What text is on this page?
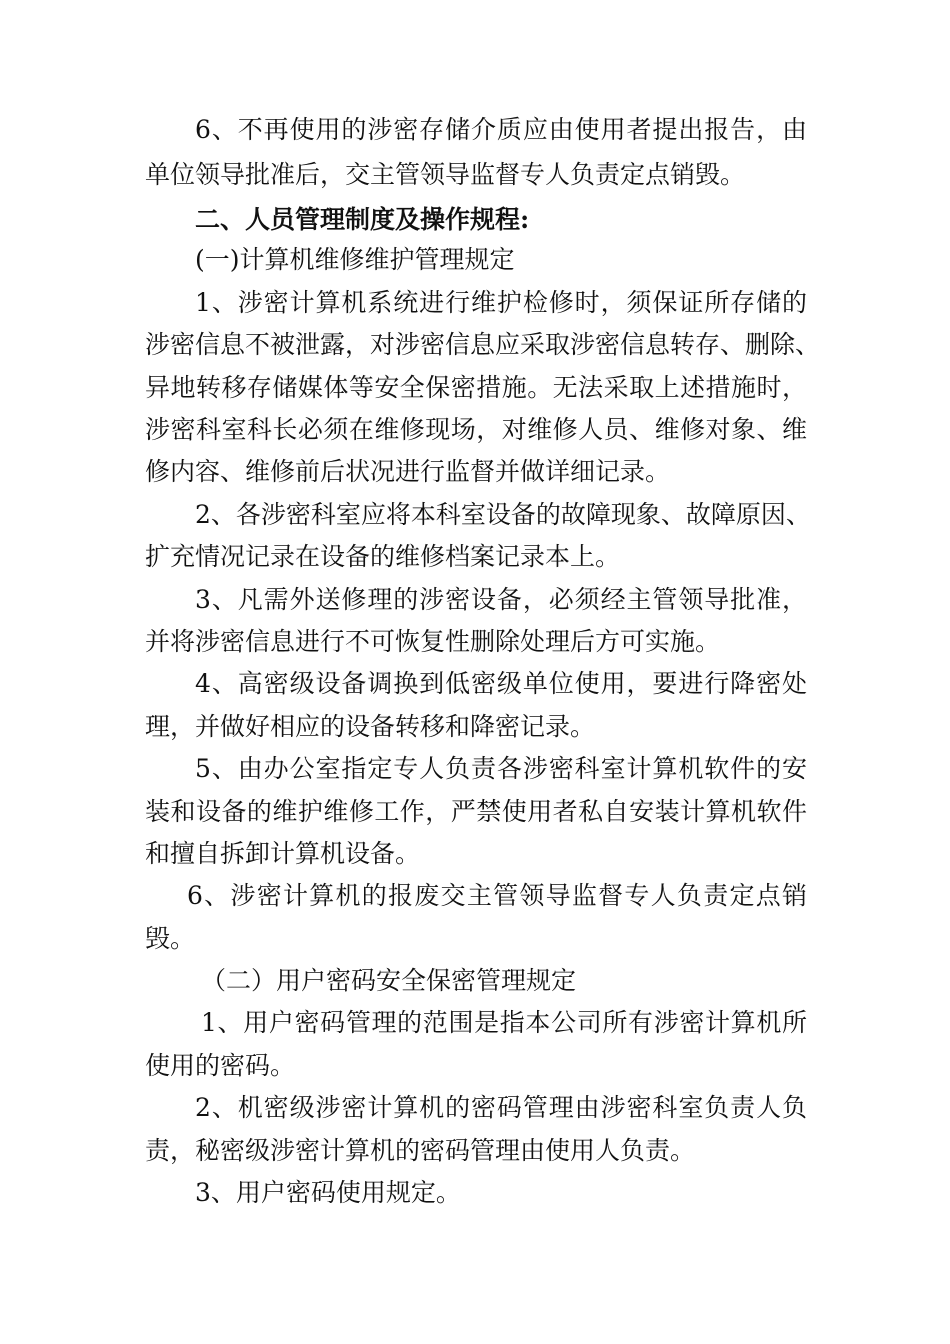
6、不再使用的涉密存储介质应由使用者提出报告，由
单位领导批准后，交主管领导监督专人负责定点销毁。
二、人员管理制度及操作规程:
(一)计算机维修维护管理规定
1、涉密计算机系统进行维护检修时，须保证所存储的
涉密信息不被泄露，对涉密信息应采取涉密信息转存、删除、
异地转移存储媒体等安全保密措施。无法采取上述措施时，
涉密科室科长必须在维修现场，对维修人员、维修对象、维
修内容、维修前后状况进行监督并做详细记录。
2、各涉密科室应将本科室设备的故障现象、故障原因、
扩充情况记录在设备的维修档案记录本上。
3、凡需外送修理的涉密设备，必须经主管领导批准，
并将涉密信息进行不可恢复性删除处理后方可实施。
4、高密级设备调换到低密级单位使用，要进行降密处
理，并做好相应的设备转移和降密记录。
5、由办公室指定专人负责各涉密科室计算机软件的安
装和设备的维护维修工作，严禁使用者私自安装计算机软件
和擅自拆卸计算机设备。
6、涉密计算机的报废交主管领导监督专人负责定点销
毁。
（二）用户密码安全保密管理规定
1、用户密码管理的范围是指本公司所有涉密计算机所
使用的密码。
2、机密级涉密计算机的密码管理由涉密科室负责人负
责，秘密级涉密计算机的密码管理由使用人负责。
3、用户密码使用规定。
